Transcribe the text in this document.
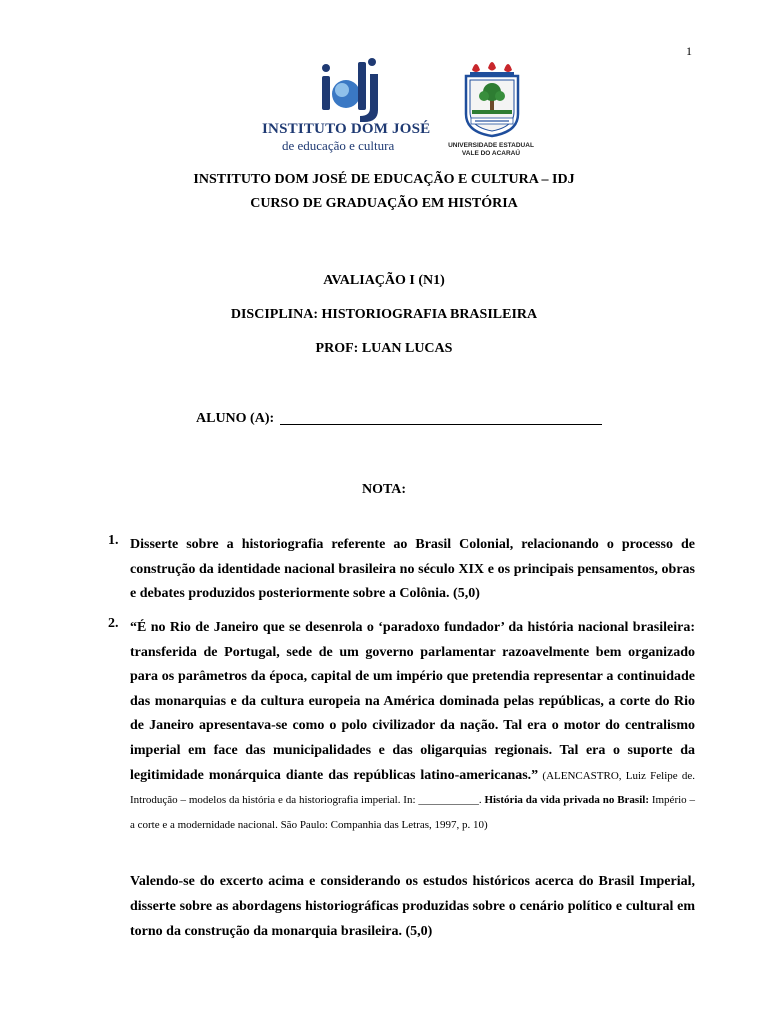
1
INSTITUTO DOM JOSÉ
de educação e cultura	UNIVERSIDADE ESTADUAL
VALE DO ACARAÚ
INSTITUTO DOM JOSÉ DE EDUCAÇÃO E CULTURA – IDJ
CURSO DE GRADUAÇÃO EM HISTÓRIA
AVALIAÇÃO I (N1)
DISCIPLINA: HISTORIOGRAFIA BRASILEIRA
PROF: LUAN LUCAS
ALUNO (A):
NOTA:
1. Disserte sobre a historiografia referente ao Brasil Colonial, relacionando o processo de construção da identidade nacional brasileira no século XIX e os principais pensamentos, obras e debates produzidos posteriormente sobre a Colônia. (5,0)
2. “É no Rio de Janeiro que se desenrola o ‘paradoxo fundador’ da história nacional brasileira: transferida de Portugal, sede de um governo parlamentar razoavelmente bem organizado para os parâmetros da época, capital de um império que pretendia representar a continuidade das monarquias e da cultura europeia na América dominada pelas repúblicas, a corte do Rio de Janeiro apresentava-se como o polo civilizador da nação. Tal era o motor do centralismo imperial em face das municipalidades e das oligarquias regionais. Tal era o suporte da legitimidade monárquica diante das repúblicas latino-americanas.” (ALENCASTRO, Luiz Felipe de. Introdução – modelos da história e da historiografia imperial. In: ___________. História da vida privada no Brasil: Império – a corte e a modernidade nacional. São Paulo: Companhia das Letras, 1997, p. 10)
Valendo-se do excerto acima e considerando os estudos históricos acerca do Brasil Imperial, disserte sobre as abordagens historiográficas produzidas sobre o cenário político e cultural em torno da construção da monarquia brasileira. (5,0)
